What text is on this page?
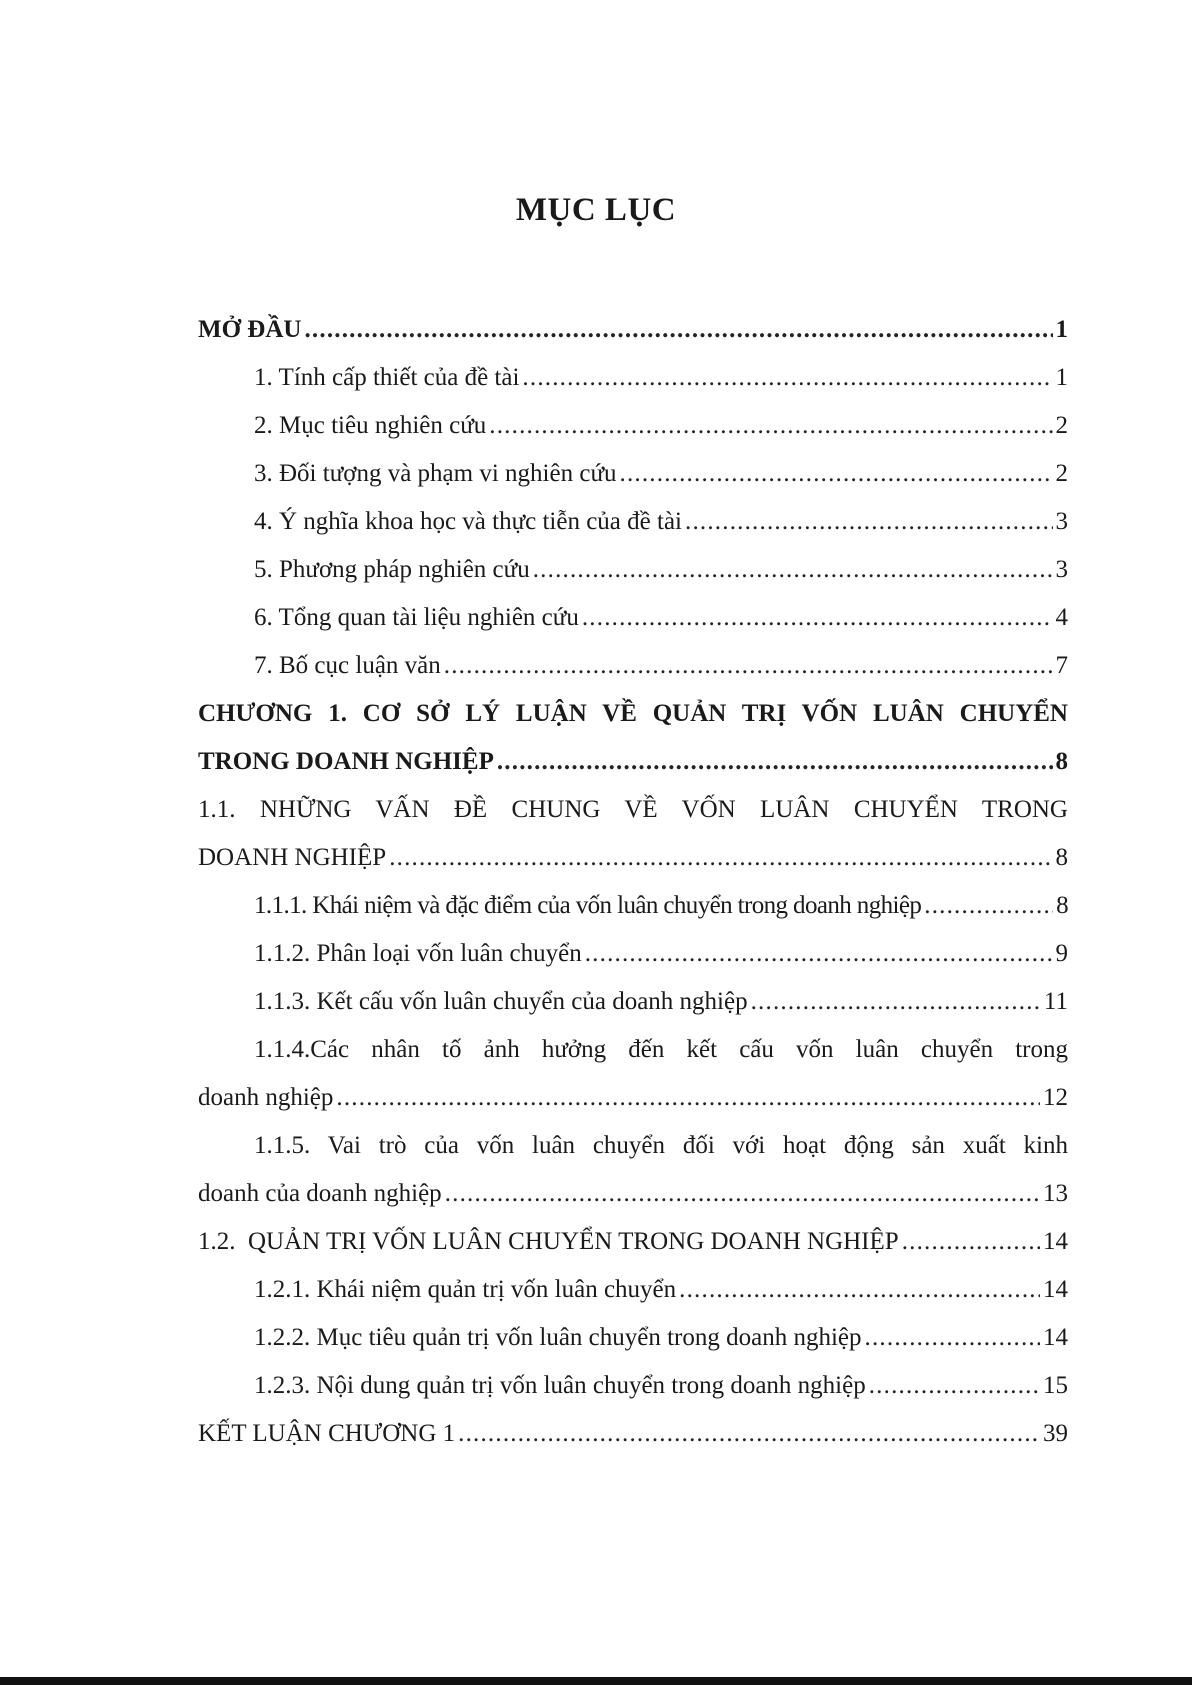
MỤC LỤC
MỞ ĐẦU .....	1
1. Tính cấp thiết của đề tài .....	1
2. Mục tiêu nghiên cứu .....	2
3. Đối tượng và phạm vi nghiên cứu .....	2
4. Ý nghĩa khoa học và thực tiễn của đề tài .....	3
5. Phương pháp nghiên cứu .....	3
6. Tổng quan tài liệu nghiên cứu .....	4
7. Bố cục luận văn .....	7
CHƯƠNG 1. CƠ SỞ LÝ LUẬN VỀ QUẢN TRỊ VỐN LUÂN CHUYỂN
TRONG DOANH NGHIỆP .....	8
1.1. NHỮNG VẤN ĐỀ CHUNG VỀ VỐN LUÂN CHUYỂN TRONG
DOANH NGHIỆP .....	8
1.1.1. Khái niệm và đặc điểm của vốn luân chuyển trong doanh nghiệp .....	8
1.1.2. Phân loại vốn luân chuyển .....	9
1.1.3. Kết cấu vốn luân chuyển của doanh nghiệp .....	11
1.1.4.Các nhân tố ảnh hưởng đến kết cấu vốn luân chuyển trong
doanh nghiệp .....	12
1.1.5. Vai trò của vốn luân chuyển đối với hoạt động sản xuất kinh
doanh của doanh nghiệp .....	13
1.2.  QUẢN TRỊ VỐN LUÂN CHUYỂN TRONG DOANH NGHIỆP .....	14
1.2.1. Khái niệm quản trị vốn luân chuyển .....	14
1.2.2. Mục tiêu quản trị vốn luân chuyển trong doanh nghiệp .....	14
1.2.3. Nội dung quản trị vốn luân chuyển trong doanh nghiệp .....	15
KẾT LUẬN CHƯƠNG 1 .....	39
